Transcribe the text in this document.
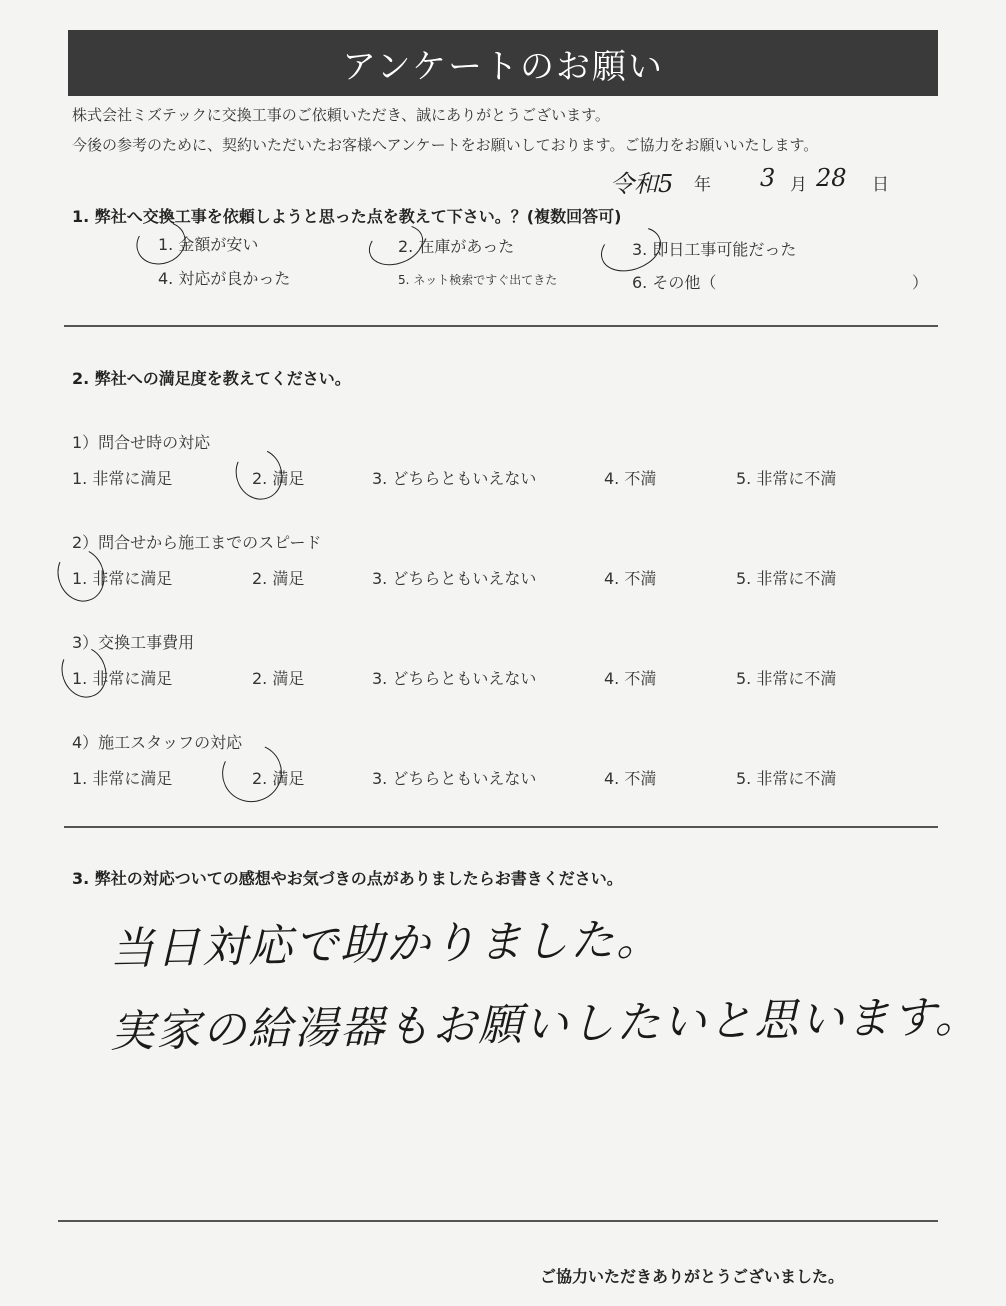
アンケートのお願い
株式会社ミズテックに交換工事のご依頼いただき、誠にありがとうございます。
今後の参考のために、契約いただいたお客様へアンケートをお願いしております。ご協力をお願いいたします。
令和5 年 3 月 28 日
1. 弊社へ交換工事を依頼しようと思った点を教えて下さい。？(複数回答可)
1. 金額が安い	2. 在庫があった	3. 即日工事可能だった
4. 対応が良かった	5. ネット検索ですぐ出てきた	6. その他（	）
2. 弊社への満足度を教えてください。
1）問合せ時の対応
1. 非常に満足	2. 満足	3. どちらともいえない	4. 不満	5. 非常に不満
2）問合せから施工までのスピード
1. 非常に満足	2. 満足	3. どちらともいえない	4. 不満	5. 非常に不満
3）交換工事費用
1. 非常に満足	2. 満足	3. どちらともいえない	4. 不満	5. 非常に不満
4）施工スタッフの対応
1. 非常に満足	2. 満足	3. どちらともいえない	4. 不満	5. 非常に不満
3. 弊社の対応ついての感想やお気づきの点がありましたらお書きください。
当日対応で助かりました。
実家の給湯器もお願いしたいと思います。
ご協力いただきありがとうございました。
